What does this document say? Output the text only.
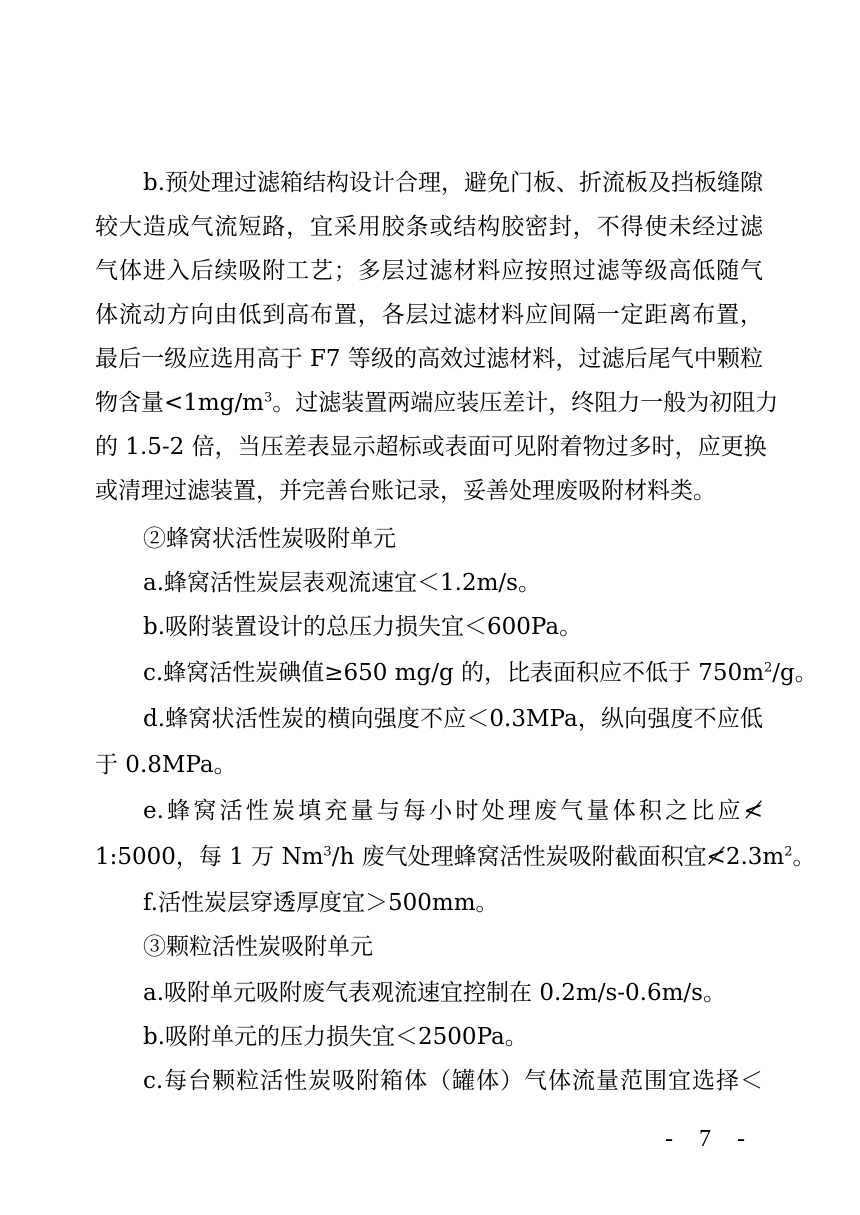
b.预处理过滤箱结构设计合理，避免门板、折流板及挡板缝隙
较大造成气流短路，宜采用胶条或结构胶密封，不得使未经过滤
气体进入后续吸附工艺；多层过滤材料应按照过滤等级高低随气
体流动方向由低到高布置，各层过滤材料应间隔一定距离布置，
最后一级应选用高于 F7 等级的高效过滤材料，过滤后尾气中颗粒
物含量$<1mg/m^3$。过滤装置两端应装压差计，终阻力一般为初阻力
的 1.5-2 倍，当压差表显示超标或表面可见附着物过多时，应更换
或清理过滤装置，并完善台账记录，妥善处理废吸附材料类。
②蜂窝状活性炭吸附单元
a.蜂窝活性炭层表观流速宜＜1.2m/s。
b.吸附装置设计的总压力损失宜＜600Pa。
c.蜂窝活性炭碘值≥650 mg/g 的，比表面积应不低于 $750m^2/g$。
d.蜂窝状活性炭的横向强度不应＜0.3MPa，纵向强度不应低
于 0.8MPa。
e.蜂窝活性炭填充量与每小时处理废气量体积之比应≮
1:5000，每 1 万 Nm$^3$/h 废气处理蜂窝活性炭吸附截面积宜$≮2.3m^2$。
f.活性炭层穿透厚度宜＞500mm。
③颗粒活性炭吸附单元
a.吸附单元吸附废气表观流速宜控制在 0.2m/s-0.6m/s。
b.吸附单元的压力损失宜＜2500Pa。
c.每台颗粒活性炭吸附箱体（罐体）气体流量范围宜选择＜
- 7 -
